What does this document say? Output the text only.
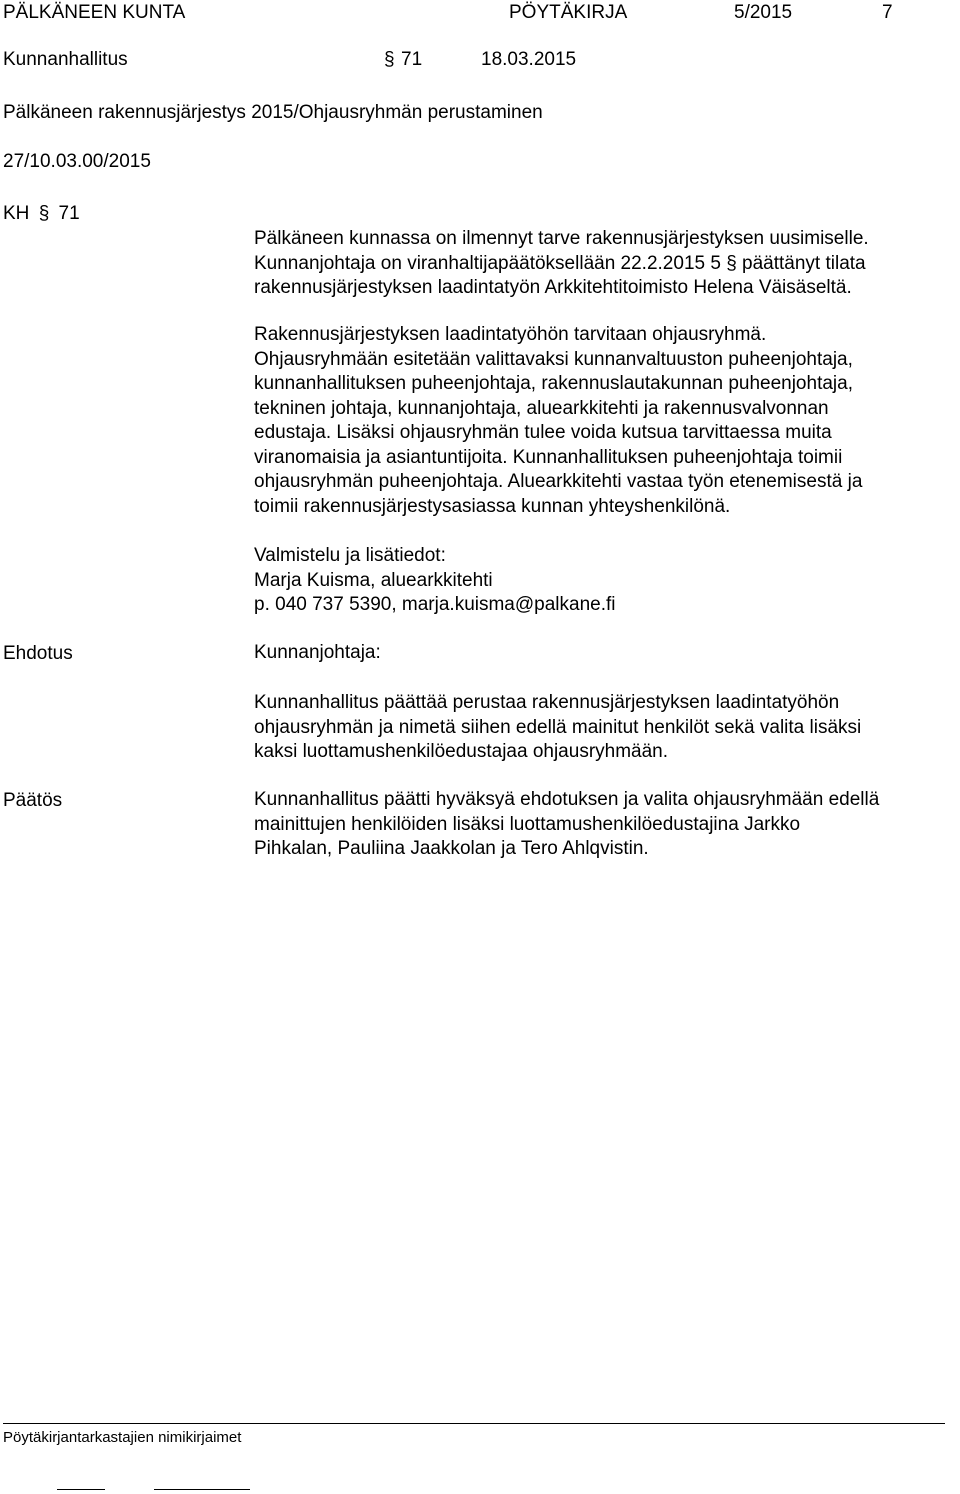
PÄLKÄNEEN KUNTA	PÖYTÄKIRJA	5/2015	7
Kunnanhallitus	§ 71	18.03.2015
Pälkäneen rakennusjärjestys 2015/Ohjausryhmän perustaminen
27/10.03.00/2015
KH § 71
Pälkäneen kunnassa on ilmennyt tarve rakennusjärjestyksen uusimiselle.
Kunnanjohtaja on viranhaltijapäätöksellään 22.2.2015 5 § päättänyt tilata
rakennusjärjestyksen laadintatyön Arkkitehtitoimisto Helena Väisäseltä.
Rakennusjärjestyksen laadintatyöhön tarvitaan ohjausryhmä.
Ohjausryhmään esitetään valittavaksi kunnanvaltuuston puheenjohtaja,
kunnanhallituksen puheenjohtaja, rakennuslautakunnan puheenjohtaja,
tekninen johtaja, kunnanjohtaja, aluearkkitehti ja rakennusvalvonnan
edustaja. Lisäksi ohjausryhmän tulee voida kutsua tarvittaessa muita
viranomaisia ja asiantuntijoita. Kunnanhallituksen puheenjohtaja toimii
ohjausryhmän puheenjohtaja. Aluearkkitehti vastaa työn etenemisestä ja
toimii rakennusjärjestysasiassa kunnan yhteyshenkilönä.
Valmistelu ja lisätiedot:
Marja Kuisma, aluearkkitehti
p. 040 737 5390, marja.kuisma@palkane.fi
Ehdotus	Kunnanjohtaja:
Kunnanhallitus päättää perustaa rakennusjärjestyksen laadintatyöhön
ohjausryhmän ja nimetä siihen edellä mainitut henkilöt sekä valita lisäksi
kaksi luottamushenkilöedustajaa ohjausryhmään.
Päätös	Kunnanhallitus päätti hyväksyä ehdotuksen ja valita ohjausryhmään edellä
mainittujen henkilöiden lisäksi luottamushenkilöedustajina Jarkko
Pihkalan, Pauliina Jaakkolan ja Tero Ahlqvistin.
Pöytäkirjantarkastajien nimikirjaimet
